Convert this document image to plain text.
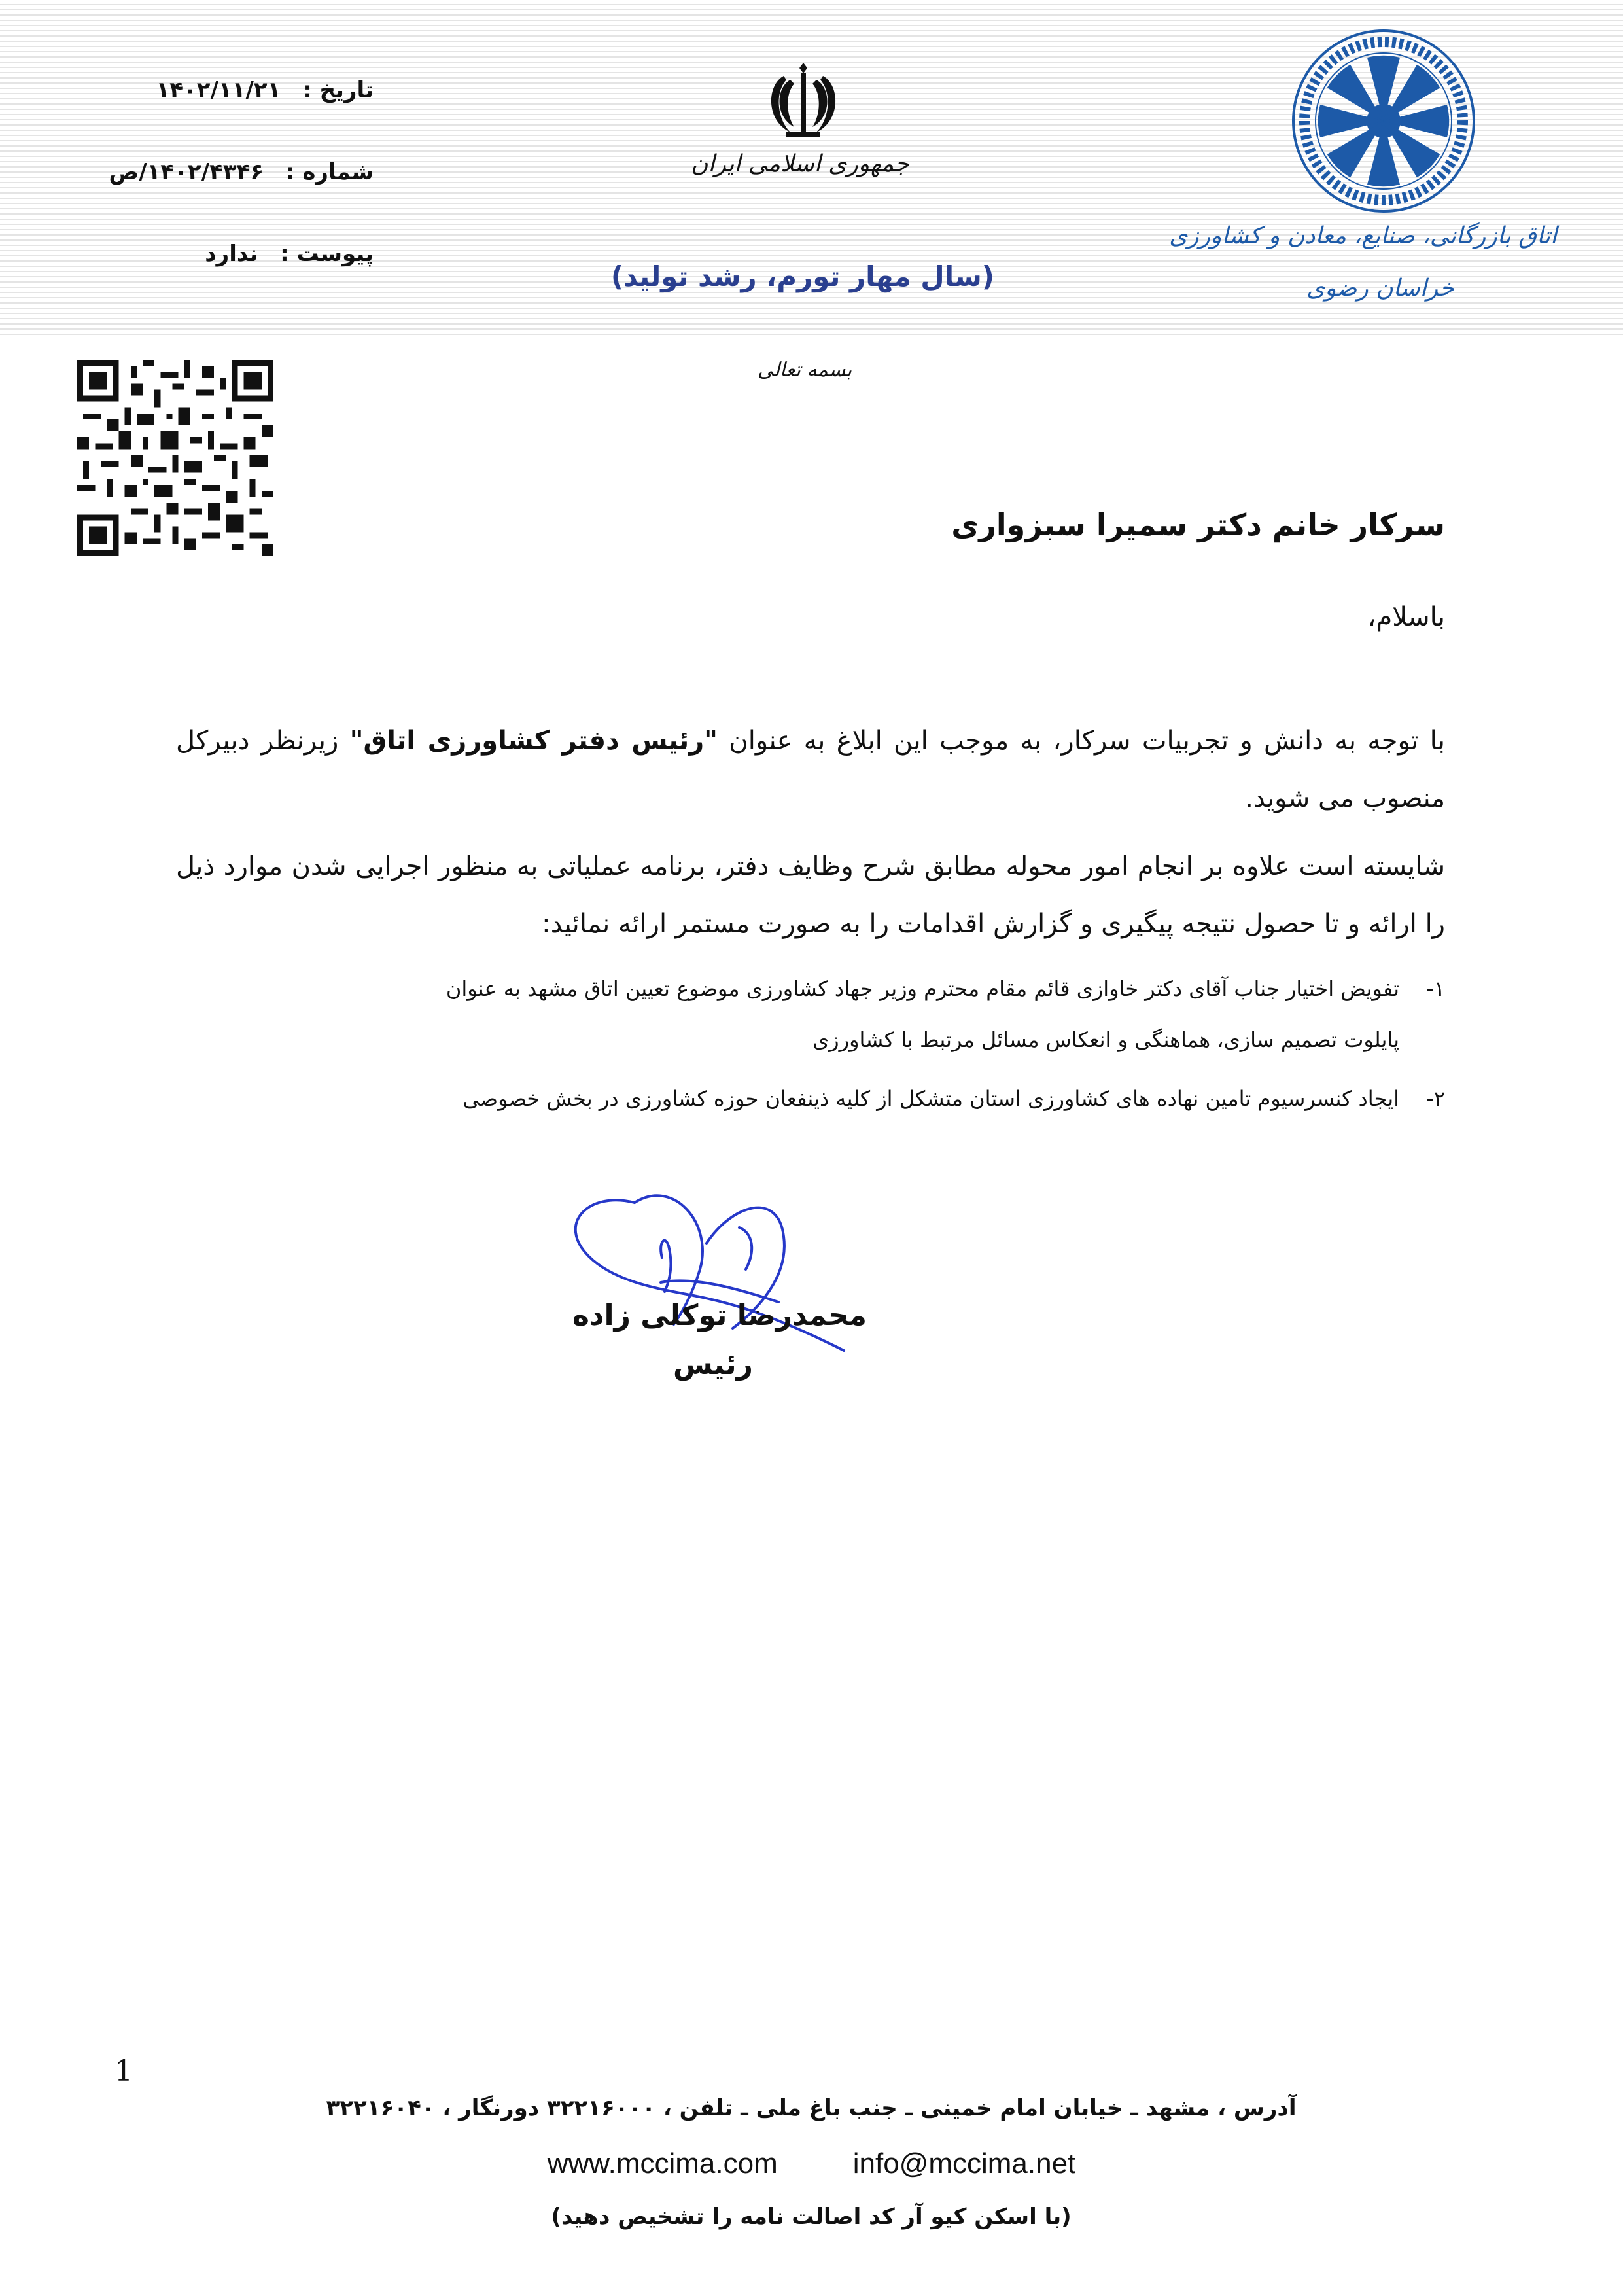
تاریخ : ۱۴۰۲/۱۱/۲۱
شماره : ۱۴۰۲/۴۳۴۶/ص
پیوست : ندارد
جمهوری اسلامی ایران
اتاق بازرگانی، صنایع، معادن و کشاورزی
خراسان رضوی
(سال مهار تورم، رشد تولید)
بسمه تعالی
سرکار خانم دکتر سمیرا سبزواری
باسلام،
با توجه به دانش و تجربیات سرکار، به موجب این ابلاغ به عنوان "رئیس دفتر کشاورزی اتاق" زیرنظر دبیرکل منصوب می شوید.
شایسته است علاوه بر انجام امور محوله مطابق شرح وظایف دفتر، برنامه عملیاتی به منظور اجرایی شدن موارد ذیل را ارائه و تا حصول نتیجه پیگیری و گزارش اقدامات را به صورت مستمر ارائه نمائید:
۱-تفویض اختیار جناب آقای دکتر خاوازی قائم مقام محترم وزیر جهاد کشاورزی موضوع تعیین اتاق مشهد به عنوان
پایلوت تصمیم سازی، هماهنگی و انعکاس مسائل مرتبط با کشاورزی
۲-ایجاد کنسرسیوم تامین نهاده های کشاورزی استان متشکل از کلیه ذینفعان حوزه کشاورزی در بخش خصوصی
محمدرضا توکلی زاده
رئیس
1
آدرس ، مشهد ـ خیابان امام خمینی ـ جنب باغ ملی ـ تلفن ، ۳۲۲۱۶۰۰۰ دورنگار ، ۳۲۲۱۶۰۴۰
www.mccima.com	info@mccima.net
(با اسکن کیو آر کد اصالت نامه را تشخیص دهید)
